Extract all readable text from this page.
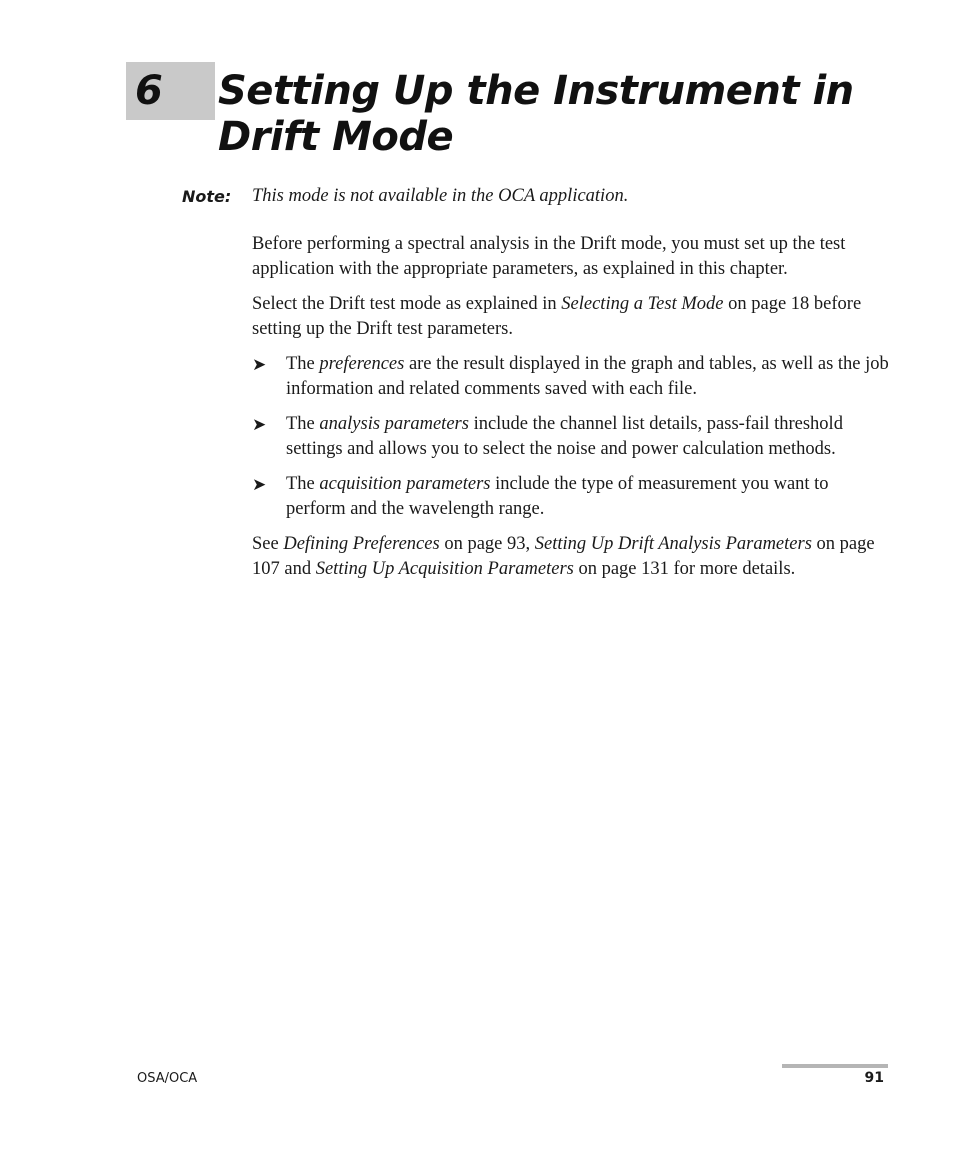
6 Setting Up the Instrument in Drift Mode
Note: This mode is not available in the OCA application.

Before performing a spectral analysis in the Drift mode, you must set up the test application with the appropriate parameters, as explained in this chapter.

Select the Drift test mode as explained in Selecting a Test Mode on page 18 before setting up the Drift test parameters.

➤ The preferences are the result displayed in the graph and tables, as well as the job information and related comments saved with each file.
➤ The analysis parameters include the channel list details, pass-fail threshold settings and allows you to select the noise and power calculation methods.
➤ The acquisition parameters include the type of measurement you want to perform and the wavelength range.

See Defining Preferences on page 93, Setting Up Drift Analysis Parameters on page 107 and Setting Up Acquisition Parameters on page 131 for more details.

OSA/OCA	91
